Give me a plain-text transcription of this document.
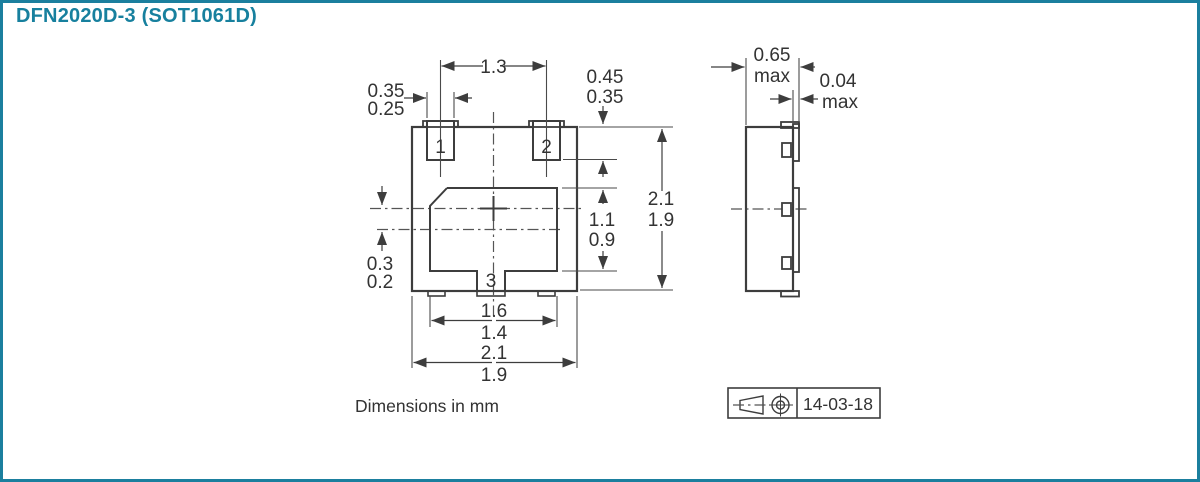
DFN2020D-3 (SOT1061D)
1.3
0.35
0.25
0.45
0.35
1.1
0.9
2.1
1.9
0.3
0.2
1.6
1.4
2.1
1.9
1	2
3
0.65
max 0.04
max
Dimensions in mm	14-03-18
